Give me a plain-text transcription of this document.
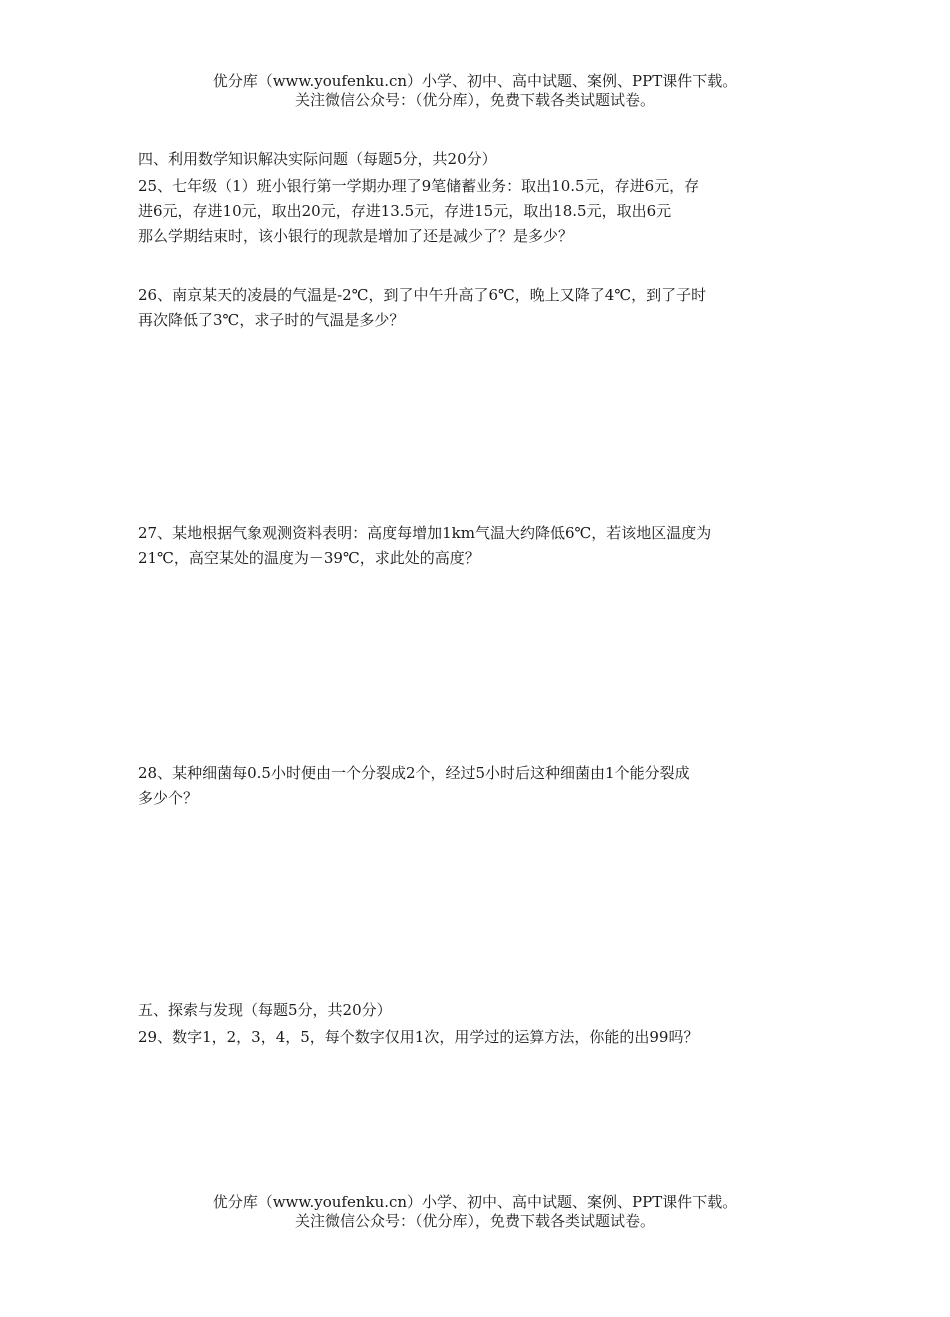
优分库（www.youfenku.cn）小学、初中、高中试题、案例、PPT课件下载。
关注微信公众号：（优分库），免费下载各类试题试卷。
四、利用数学知识解决实际问题（每题5分，共20分）
25、七年级（1）班小银行第一学期办理了9笔储蓄业务：取出10.5元，存进6元，存
进6元，存进10元，取出20元，存进13.5元，存进15元，取出18.5元，取出6元
那么学期结束时，该小银行的现款是增加了还是减少了？是多少？
26、南京某天的凌晨的气温是-2℃，到了中午升高了6℃，晚上又降了4℃，到了子时
再次降低了3℃，求子时的气温是多少？
27、某地根据气象观测资料表明：高度每增加1km气温大约降低6℃，若该地区温度为
21℃，高空某处的温度为－39℃，求此处的高度？
28、某种细菌每0.5小时便由一个分裂成2个，经过5小时后这种细菌由1个能分裂成
多少个？
五、探索与发现（每题5分，共20分）
29、数字1，2，3，4，5，每个数字仅用1次，用学过的运算方法，你能的出99吗？
优分库（www.youfenku.cn）小学、初中、高中试题、案例、PPT课件下载。
关注微信公众号：（优分库），免费下载各类试题试卷。
